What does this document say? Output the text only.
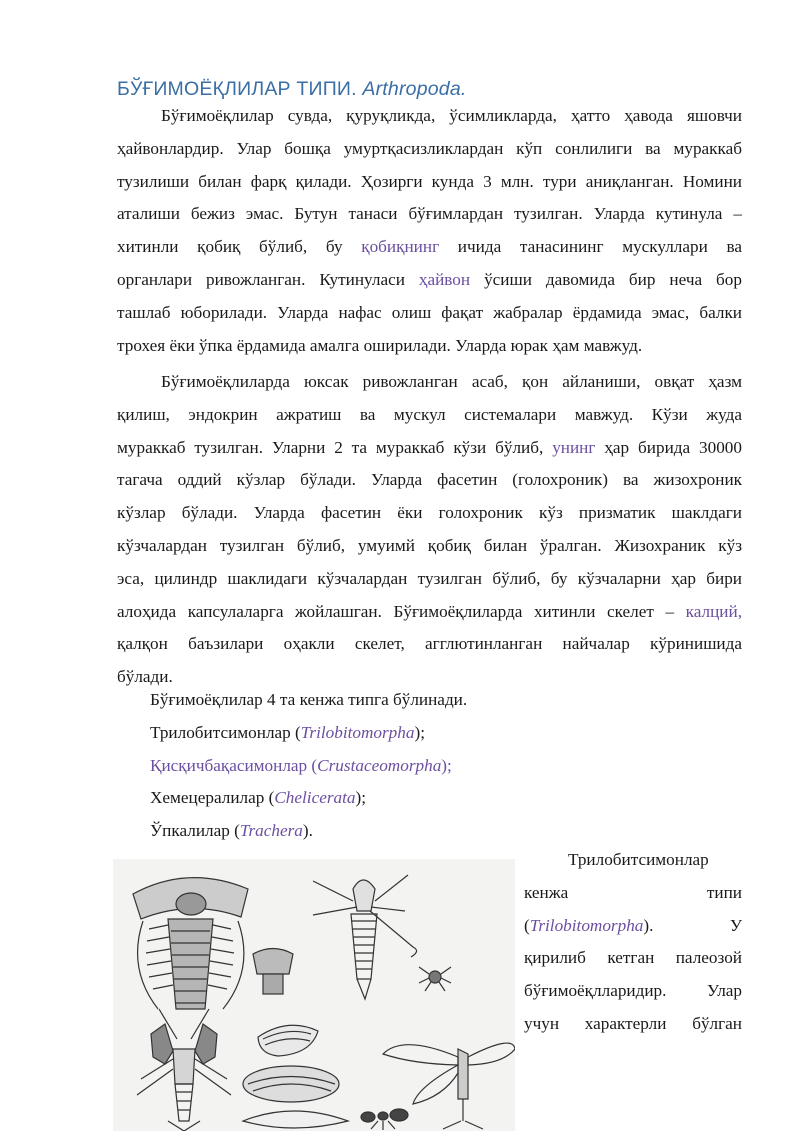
БЎҒИМОЁҚЛИЛАР ТИПИ. Arthropoda.
Бўғимоёқлилар сувда, қуруқликда, ўсимликларда, ҳатто ҳавода яшовчи
ҳайвонлардир. Улар бошқа умуртқасизликлардан кўп сонлилиги ва мураккаб
тузилиши билан фарқ қилади. Ҳозирги кунда 3 млн. тури аниқланган. Номини
аталиши бежиз эмас. Бутун танаси бўғимлардан тузилган. Уларда кутинула –
хитинли қобиқ бўлиб, бу қобиқнинг ичида танасининг мускуллари ва
органлари ривожланган. Кутинуласи ҳайвон ўсиши давомида бир неча бор
ташлаб юборилади. Уларда нафас олиш фақат жабралар ёрдамида эмас, балки
трохея ёки ўпка ёрдамида амалга оширилади. Уларда юрак ҳам мавжуд.
Бўғимоёқлиларда юксак ривожланган асаб, қон айланиши, овқат ҳазм
қилиш, эндокрин ажратиш ва мускул системалари мавжуд. Кўзи жуда
мураккаб тузилган. Уларни 2 та мураккаб кўзи бўлиб, унинг ҳар бирида 30000
тагача оддий кўзлар бўлади. Уларда фасетин (голохроник) ва жизохроник
кўзлар бўлади. Уларда фасетин ёки голохроник кўз призматик шаклдаги
кўзчалардан тузилган бўлиб, умуимй қобиқ билан ўралган. Жизохраник кўз
эса, цилиндр шаклидаги кўзчалардан тузилган бўлиб, бу кўзчаларни ҳар бири
алоҳида капсулаларга жойлашган. Бўғимоёқлиларда хитинли скелет – калций,
қалқон баъзилари оҳакли скелет, агглютинланган найчалар кўринишида
бўлади.
Бўғимоёқлилар 4 та кенжа типга бўлинади.
Трилобитсимонлар (Trilobitomorpha);
Қисқичбақасимонлар (Crustaceomorpha);
Хемецералилар (Chelicerata);
Ўпкалилар (Trachera).
Трилобитсимонлар
кенжа	типи
(Trilobitomorpha).	У
қирилиб кетган палеозой
бўғимоёқлларидир. Улар
учун характерли бўлган
